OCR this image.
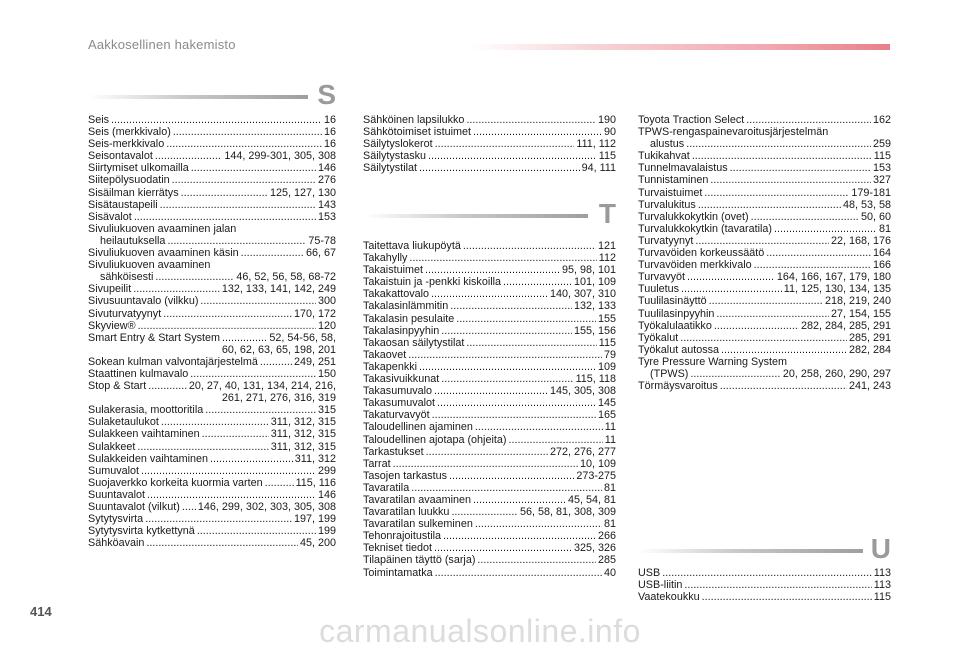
Aakkosellinen hakemisto
S
Seis .....	16
Seis (merkkivalo) .....	16
Seis-merkkivalo .....	16
Seisontavalot .....	144, 299-301, 305, 308
Siirtymiset ulkomailla .....	146
Siitepölysuodatin .....	276
Sisäilman kierrätys .....	125, 127, 130
Sisätaustapeili .....	143
Sisävalot .....	153
Sivuliukuoven avaaminen jalan
heilautuksella .....	75-78
Sivuliukuoven avaaminen käsin .....	66, 67
Sivuliukuoven avaaminen
sähköisesti .....	46, 52, 56, 58, 68-72
Sivupeilit .....	132, 133, 141, 142, 249
Sivusuuntavalo (vilkku) .....	300
Sivuturvatyynyt .....	170, 172
Skyview® .....	120
Smart Entry & Start System .....	52, 54-56, 58,
60, 62, 63, 65, 198, 201
Sokean kulman valvontajärjestelmä .....	249, 251
Staattinen kulmavalo .....	150
Stop & Start .....	20, 27, 40, 131, 134, 214, 216,
261, 271, 276, 316, 319
Sulakerasia, moottoritila .....	315
Sulaketaulukot .....	311, 312, 315
Sulakkeen vaihtaminen .....	311, 312, 315
Sulakkeet .....	311, 312, 315
Sulakkeiden vaihtaminen .....	311, 312
Sumuvalot .....	299
Suojaverkko korkeita kuormia varten .....	115, 116
Suuntavalot .....	146
Suuntavalot (vilkut) ..... 146, 299, 302, 303, 305, 308
Sytytysvirta .....	197, 199
Sytytysvirta kytkettynä .....	199
Sähköavain .....	45, 200
Sähköinen lapsilukko .....	190
Sähkötoimiset istuimet .....	90
Säilytyslokerot .....	111, 112
Säilytystasku .....	115
Säilytystilat .....	94, 111
T
Taitettava liukupöytä .....	121
Takahylly .....	112
Takaistuimet .....	95, 98, 101
Takaistuin ja -penkki kiskoilla .....	101, 109
Takakattovalo .....	140, 307, 310
Takalasinlämmitin .....	132, 133
Takalasin pesulaite .....	155
Takalasinpyyhin .....	155, 156
Takaosan säilytystilat .....	115
Takaovet .....	79
Takapenkki .....	109
Takasivuikkunat .....	115, 118
Takasumuvalo .....	145, 305, 308
Takasumuvalot .....	145
Takaturvavyöt .....	165
Taloudellinen ajaminen .....	11
Taloudellinen ajotapa (ohjeita) .....	11
Tarkastukset .....	272, 276, 277
Tarrat .....	10, 109
Tasojen tarkastus .....	273-275
Tavaratila .....	81
Tavaratilan avaaminen .....	45, 54, 81
Tavaratilan luukku .....	56, 58, 81, 308, 309
Tavaratilan sulkeminen .....	81
Tehonrajoitustila .....	266
Tekniset tiedot .....	325, 326
Tilapäinen täyttö (sarja) .....	285
Toimintamatka .....	40
Toyota Traction Select .....	162
TPWS-rengaspainevaroitusjärjestelmän
alustus .....	259
Tukikahvat .....	115
Tunnelmavalaistus .....	153
Tunnistaminen .....	327
Turvaistuimet .....	179-181
Turvalukitus .....	48, 53, 58
Turvalukkokytkin (ovet) .....	50, 60
Turvalukkokytkin (tavaratila) .....	81
Turvatyynyt .....	22, 168, 176
Turvavöiden korkeussäätö .....	164
Turvavöiden merkkivalo .....	166
Turvavyöt .....	164, 166, 167, 179, 180
Tuuletus .....	11, 125, 130, 134, 135
Tuulilasinäyttö .....	218, 219, 240
Tuulilasinpyyhin .....	27, 154, 155
Työkalulaatikko .....	282, 284, 285, 291
Työkalut .....	285, 291
Työkalut autossa .....	282, 284
Tyre Pressure Warning System
(TPWS) .....	20, 258, 260, 290, 297
Törmäysvaroitus .....	241, 243
U
USB .....	113
USB-liitin .....	113
Vaatekoukku .....	115
414
carmanualsonline.info
